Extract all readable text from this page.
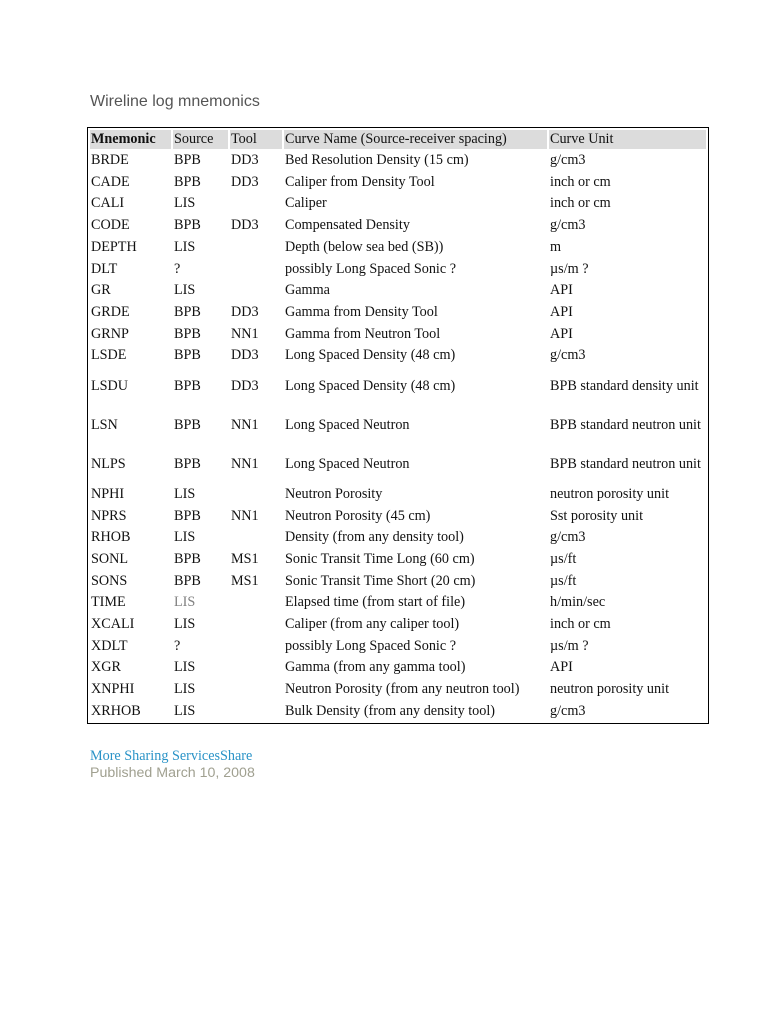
Wireline log mnemonics
Mnemonic	Source	Tool	Curve Name (Source-receiver spacing)	Curve Unit
BRDE	BPB	DD3	Bed Resolution Density (15 cm)	g/cm3
CADE	BPB	DD3	Caliper from Density Tool	inch or cm
CALI	LIS		Caliper	inch or cm
CODE	BPB	DD3	Compensated Density	g/cm3
DEPTH	LIS		Depth (below sea bed (SB))	m
DLT	?		possibly Long Spaced Sonic ?	µs/m ?
GR	LIS		Gamma	API
GRDE	BPB	DD3	Gamma from Density Tool	API
GRNP	BPB	NN1	Gamma from Neutron Tool	API
LSDE	BPB	DD3	Long Spaced Density (48 cm)	g/cm3
LSDU	BPB	DD3	Long Spaced Density (48 cm)	BPB standard density unit
LSN	BPB	NN1	Long Spaced Neutron	BPB standard neutron unit
NLPS	BPB	NN1	Long Spaced Neutron	BPB standard neutron unit
NPHI	LIS		Neutron Porosity	neutron porosity unit
NPRS	BPB	NN1	Neutron Porosity (45 cm)	Sst porosity unit
RHOB	LIS		Density (from any density tool)	g/cm3
SONL	BPB	MS1	Sonic Transit Time Long (60 cm)	µs/ft
SONS	BPB	MS1	Sonic Transit Time Short (20 cm)	µs/ft
TIME	LIS		Elapsed time (from start of file)	h/min/sec
XCALI	LIS		Caliper (from any caliper tool)	inch or cm
XDLT	?		possibly Long Spaced Sonic ?	µs/m ?
XGR	LIS		Gamma (from any gamma tool)	API
XNPHI	LIS		Neutron Porosity (from any neutron tool)	neutron porosity unit
XRHOB	LIS		Bulk Density (from any density tool)	g/cm3
More Sharing ServicesShare
Published March 10, 2008
